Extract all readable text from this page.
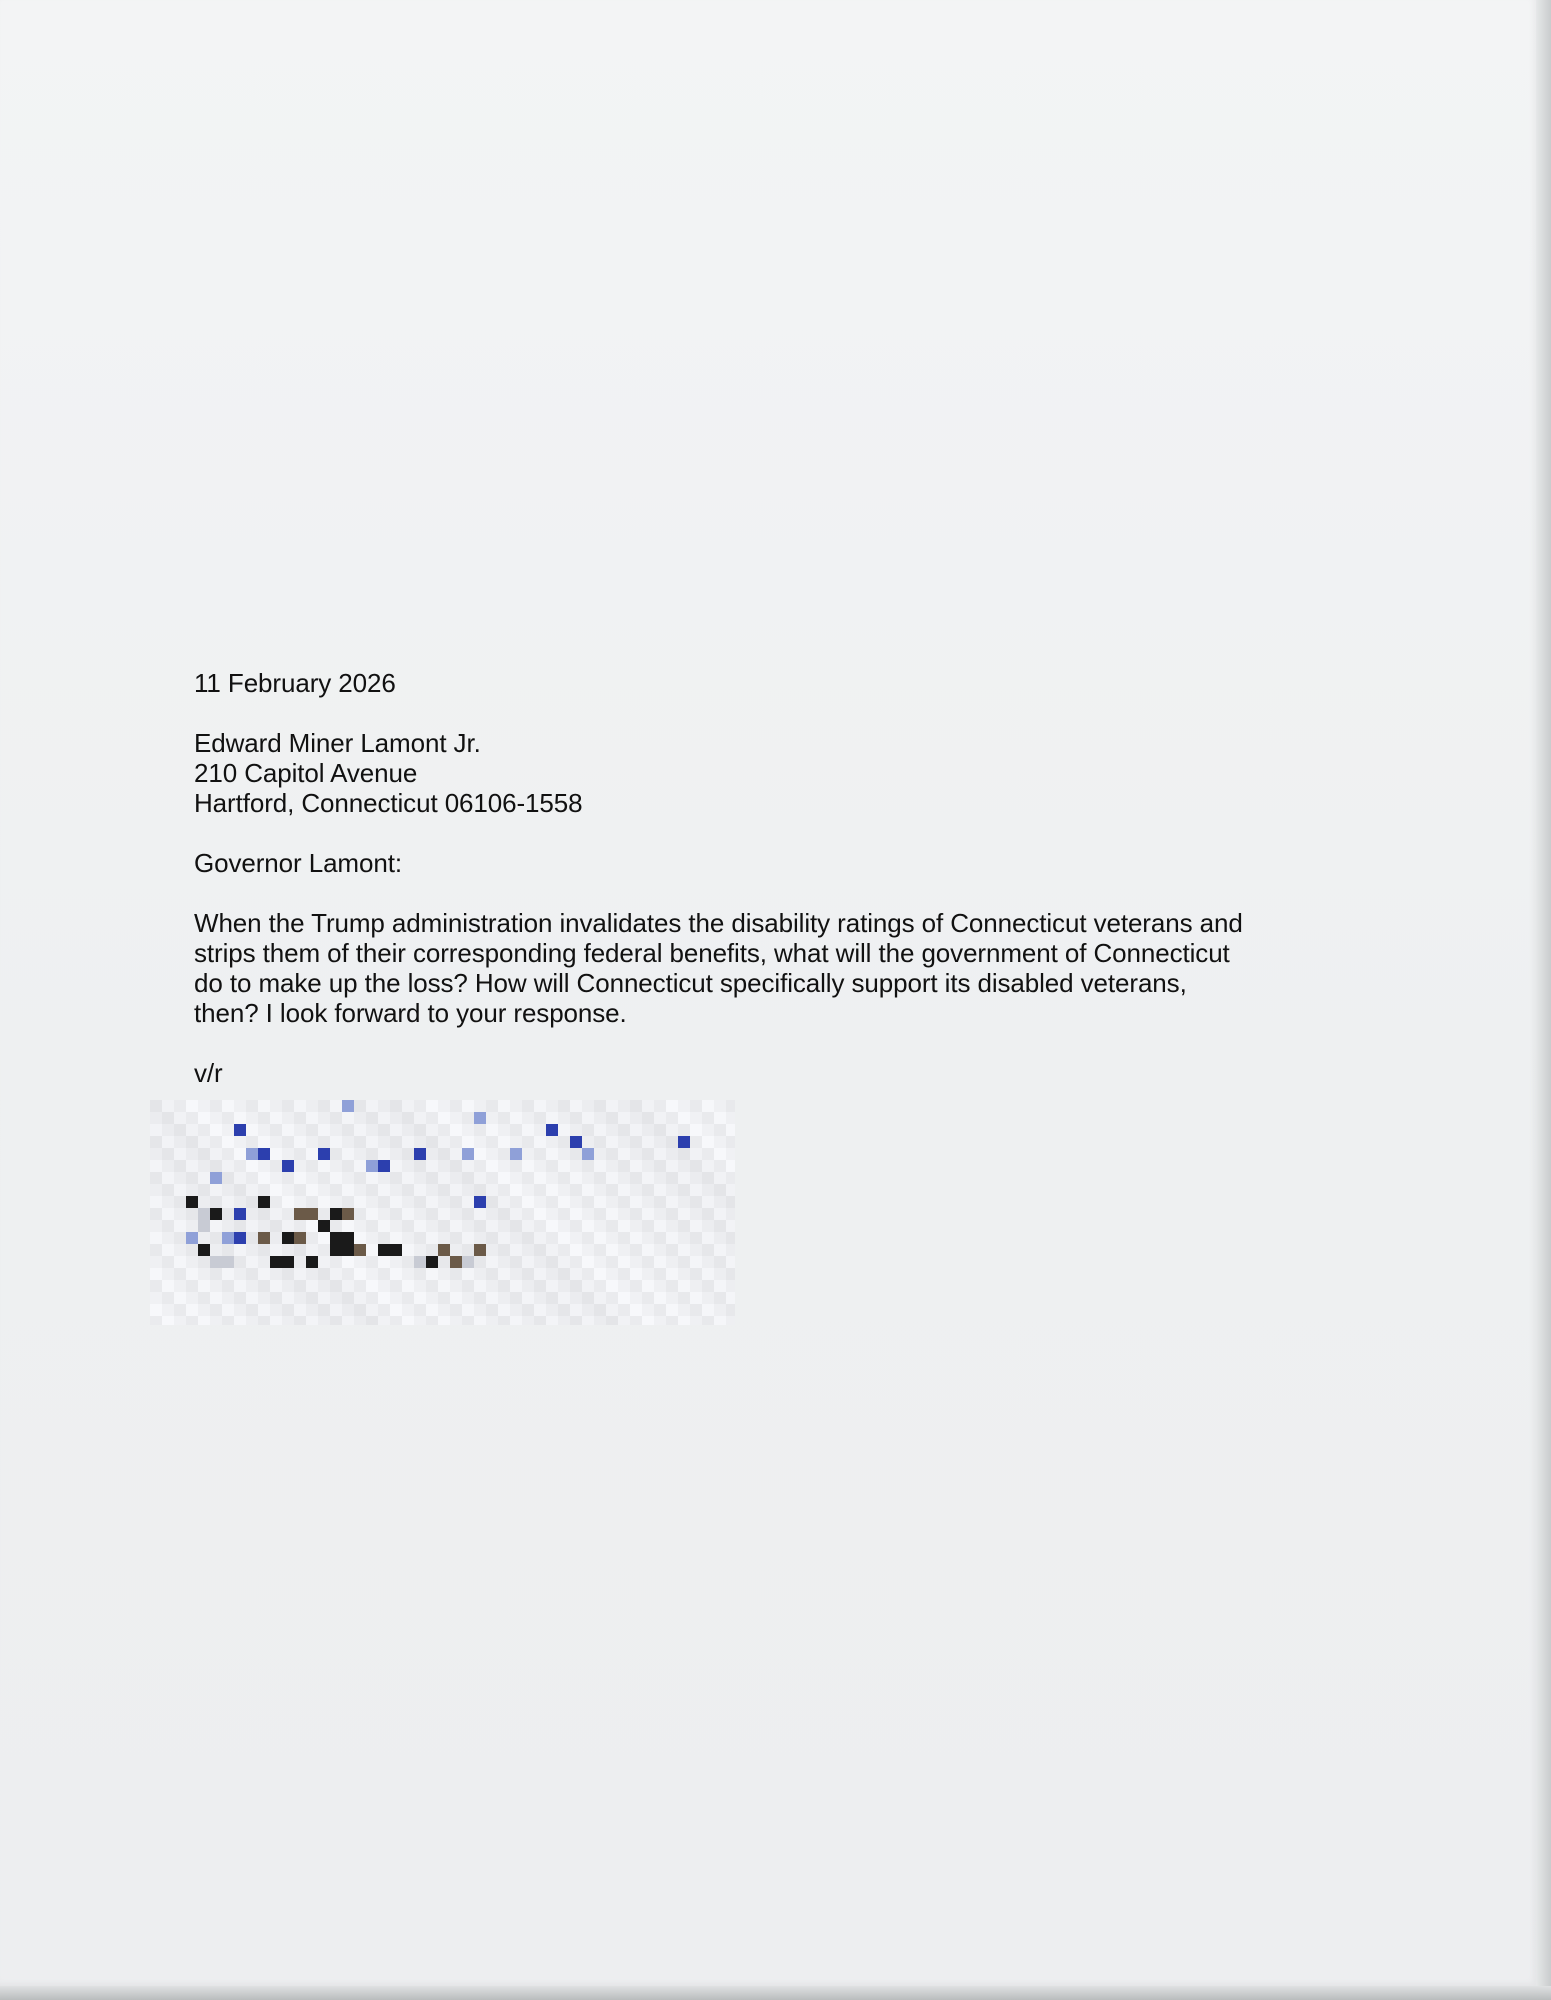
11 February 2026

Edward Miner Lamont Jr.

210 Capitol Avenue

Hartford, Connecticut 06106-1558

Governor Lamont:

When the Trump administration invalidates the disability ratings of Connecticut veterans and
strips them of their corresponding federal benefits, what will the government of Connecticut
do to make up the loss? How will Connecticut specifically support its disabled veterans,
then? I look forward to your response.

v/r
